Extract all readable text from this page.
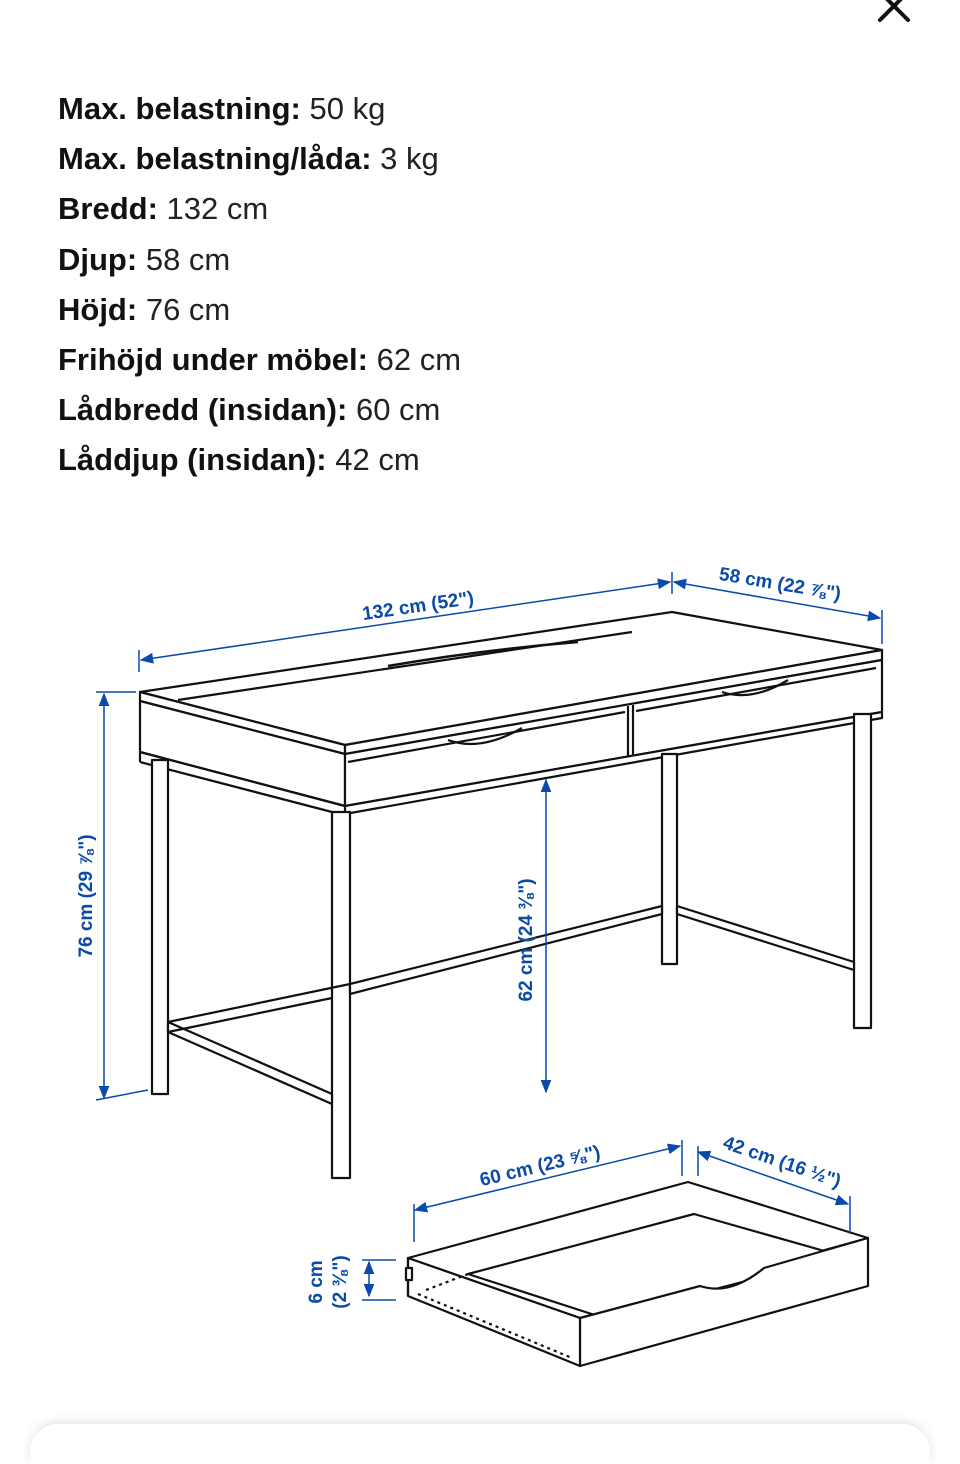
Max. belastning: 50 kg
Max. belastning/låda: 3 kg
Bredd: 132 cm
Djup: 58 cm
Höjd: 76 cm
Frihöjd under möbel: 62 cm
Lådbredd (insidan): 60 cm
Låddjup (insidan): 42 cm
132 cm (52")
58 cm (22 ⅞")
76 cm (29 ⅞")	62 cm (24 ⅜")
60 cm (23 ⅝")	42 cm (16 ½")
6 cm (2 ⅜")
